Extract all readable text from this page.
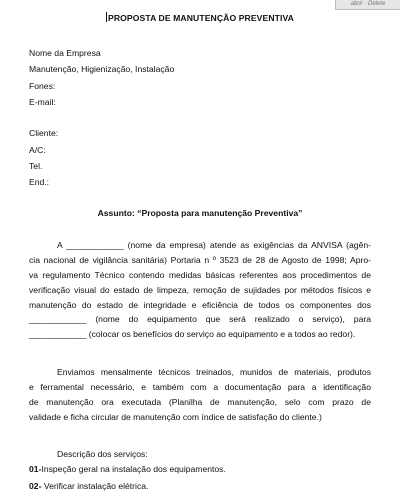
abrir · Delete
PROPOSTA DE MANUTENÇÃO PREVENTIVA
Nome da Empresa
Manutenção, Higienização, Instalação
Fones:
E-mail:
Cliente:
A/C:
Tel.
End.:
Assunto: “Proposta para manutenção Preventiva”
A ____________ (nome da empresa) atende as exigências da ANVISA (agên-
cia nacional de vigilância sanitária) Portaria n º 3523 de 28 de Agosto de 1998; Apro-
va regulamento Técnico contendo medidas básicas referentes aos procedimentos de
verificação visual do estado de limpeza, remoção de sujidades por métodos físicos e
manutenção do estado de integridade e eficiência de todos os componentes dos
____________ (nome do equipamento que será realizado o serviço), para
____________ (colocar os benefícios do serviço ao equipamento e a todos ao redor).
Enviamos mensalmente técnicos treinados, munidos de materiais, produtos
e ferramental necessário, e também com a documentação para a identificação
de manutenção ora executada (Planilha de manutenção, selo com prazo de
validade e ficha circular de manutenção com índice de satisfação do cliente.)
Descrição dos serviços:
01-Inspeção geral na instalação dos equipamentos.
02- Verificar instalação elétrica.
